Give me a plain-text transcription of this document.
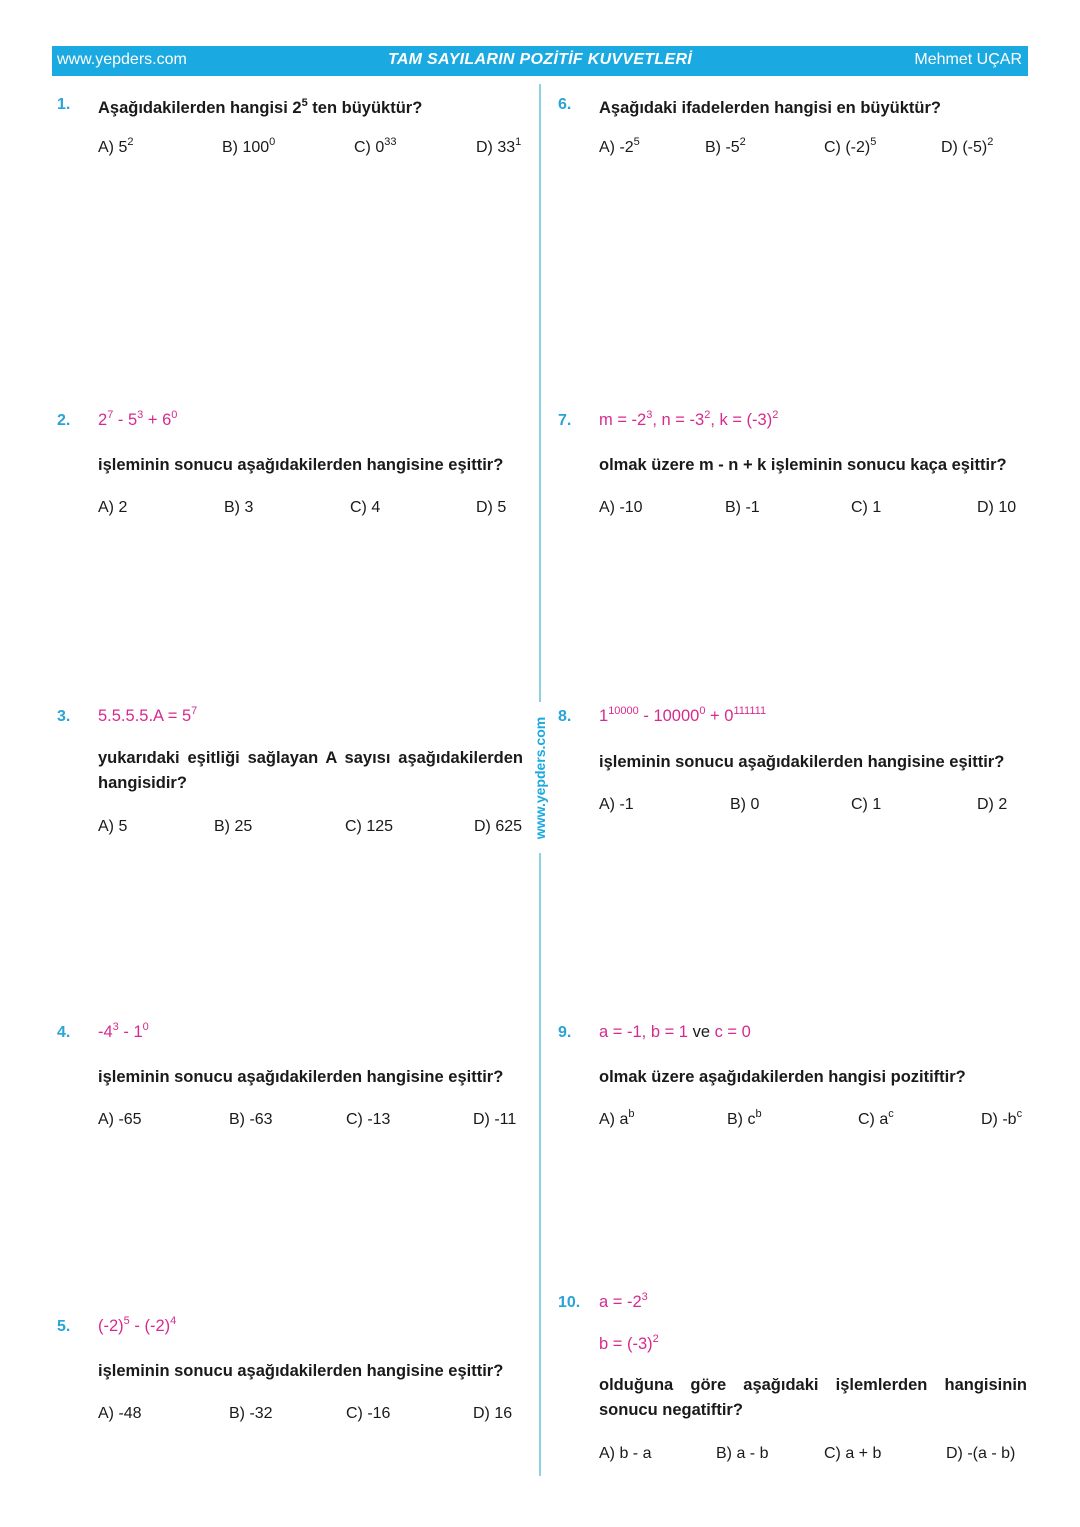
www.yepders.com	TAM SAYILARIN POZİTİF KUVVETLERİ	Mehmet UÇAR
www.yepders.com
1. Aşağıdakilerden hangisi $2^5$ ten büyüktür?

A) $5^2$	B) $100^0$	C) $0^{33}$	D) $33^1$
2. $2^7 - 5^3 + 6^0$

işleminin sonucu aşağıdakilerden hangisine eşittir?

A) 2	B) 3	C) 4	D) 5
3. $5.5.5.5.A = 5^7$

yukarıdaki eşitliği sağlayan A sayısı aşağıdakilerden hangisidir?

A) 5	B) 25	C) 125	D) 625
4. $-4^3 - 1^0$

işleminin sonucu aşağıdakilerden hangisine eşittir?

A) -65	B) -63	C) -13	D) -11
5. $(-2)^5 - (-2)^4$

işleminin sonucu aşağıdakilerden hangisine eşittir?

A) -48	B) -32	C) -16	D) 16
6. Aşağıdaki ifadelerden hangisi en büyüktür?

A) $-2^5$	B) $-5^2$	C) $(-2)^5$	D) $(-5)^2$
7. $m = -2^3$, $n = -3^2$, $k = (-3)^2$

olmak üzere m - n + k işleminin sonucu kaça eşittir?

A) -10	B) -1	C) 1	D) 10
8. $1^{10000} - 10000^0 + 0^{111111}$

işleminin sonucu aşağıdakilerden hangisine eşittir?

A) -1	B) 0	C) 1	D) 2
9. a = -1, b = 1 ve c = 0

olmak üzere aşağıdakilerden hangisi pozitiftir?

A) $a^b$	B) $c^b$	C) $a^c$	D) $-b^c$
10. $a = -2^3$
$b = (-3)^2$

olduğuna göre aşağıdaki işlemlerden hangisinin sonucu negatiftir?

A) b - a	B) a - b	C) a + b	D) -(a - b)
